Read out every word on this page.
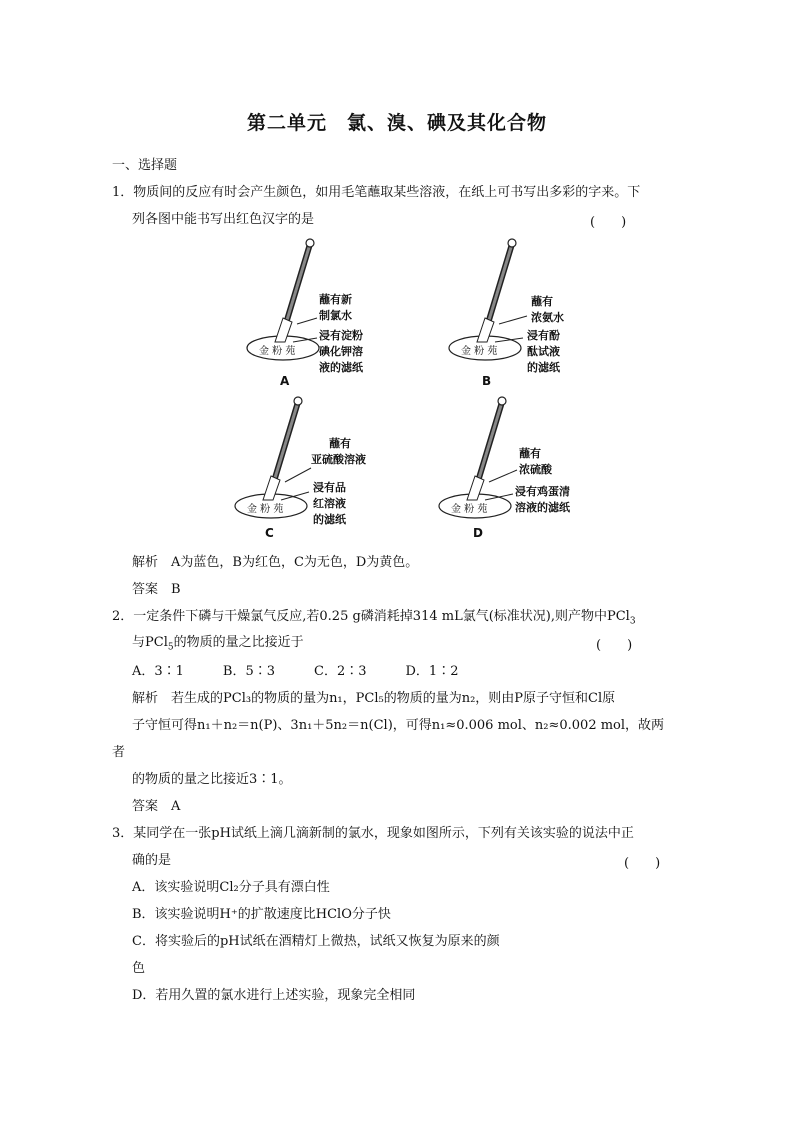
第二单元　氯、溴、碘及其化合物
一、选择题
1．物质间的反应有时会产生颜色，如用毛笔蘸取某些溶液，在纸上可书写出多彩的字来。下
列各图中能书写出红色汉字的是	(　　)
金 粉 苑
蘸有新
制氯水
浸有淀粉
碘化钾溶
液的滤纸
A
金 粉 苑
蘸有
浓氨水
浸有酚
酞试液
的滤纸
B
金 粉 苑
蘸有
亚硫酸溶液
浸有品
红溶液
的滤纸
C
金 粉 苑
蘸有
浓硫酸
浸有鸡蛋清
溶液的滤纸
D
解析　A为蓝色，B为红色，C为无色，D为黄色。
答案　B
2．一定条件下磷与干燥氯气反应,若0.25 g磷消耗掉314 mL氯气(标准状况),则产物中PCl$_3$
与PCl$_5$的物质的量之比接近于	(　　)
A．3∶1　　　B．5∶3　　　C．2∶3　　　D．1∶2
解析　若生成的PCl₃的物质的量为n₁，PCl₅的物质的量为n₂，则由P原子守恒和Cl原
子守恒可得n₁＋n₂＝n(P)、3n₁＋5n₂＝n(Cl)，可得n₁≈0.006 mol、n₂≈0.002 mol，故两
者
的物质的量之比接近3∶1。
答案　A
3．某同学在一张pH试纸上滴几滴新制的氯水，现象如图所示，下列有关该实验的说法中正
确的是	(　　)
A．该实验说明Cl₂分子具有漂白性
B．该实验说明H⁺的扩散速度比HClO分子快
C．将实验后的pH试纸在酒精灯上微热，试纸又恢复为原来的颜
色
D．若用久置的氯水进行上述实验，现象完全相同
